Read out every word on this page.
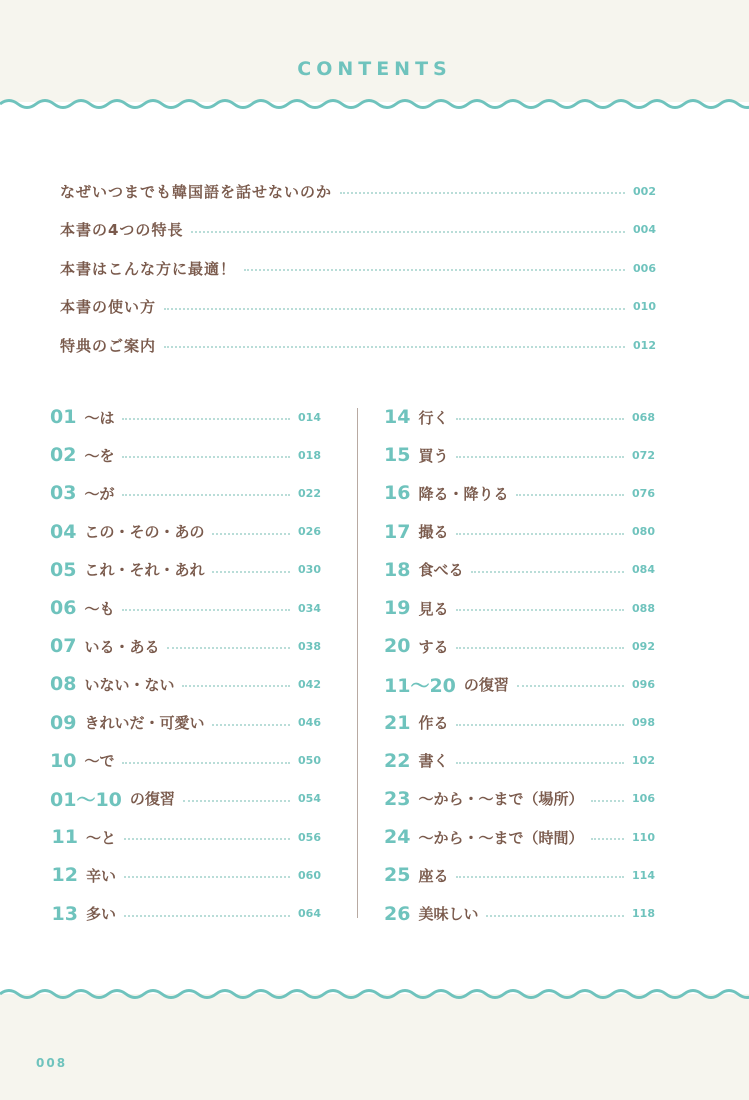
CONTENTS
なぜいつまでも韓国語を話せないのか	002
本書の4つの特長	004
本書はこんな方に最適！	006
本書の使い方	010
特典のご案内	012
01 ～は	014
02 ～を	018
03 ～が	022
04 この・その・あの	026
05 これ・それ・あれ	030
06 ～も	034
07 いる・ある	038
08 いない・ない	042
09 きれいだ・可愛い	046
10 ～で	050
01～10 の復習	054
11 ～と	056
12 辛い	060
13 多い	064
14 行く	068
15 買う	072
16 降る・降りる	076
17 撮る	080
18 食べる	084
19 見る	088
20 する	092
11～20 の復習	096
21 作る	098
22 書く	102
23 ～から・～まで（場所）	106
24 ～から・～まで（時間）	110
25 座る	114
26 美味しい	118
008
